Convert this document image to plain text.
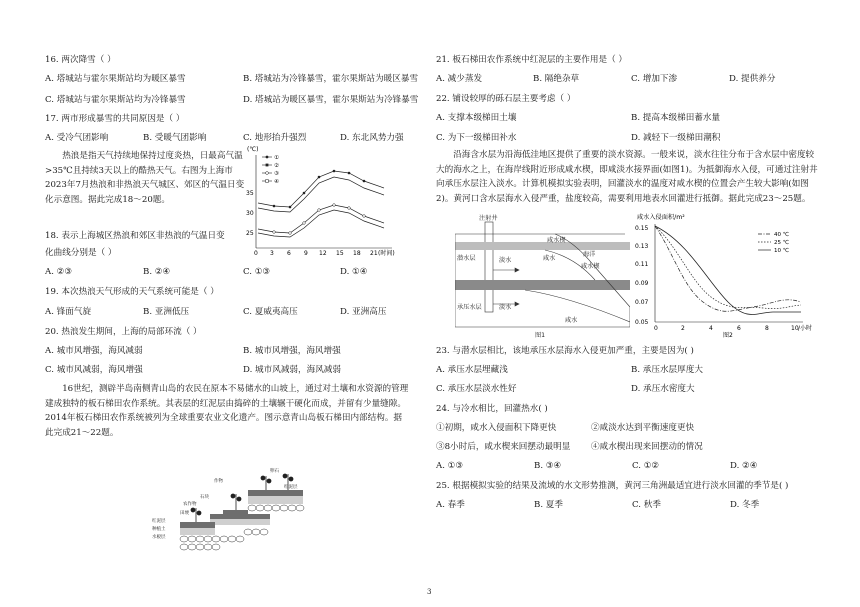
16. 两次降雪（ ）
A. 塔城站与霍尔果斯站均为暖区暴雪	B. 塔城站为冷锋暴雪，霍尔果斯站为暖区暴雪
C. 塔城站与霍尔果斯站均为冷锋暴雪	D. 塔城站为暖区暴雪，霍尔果斯站为冷锋暴雪
17. 两市形成暴雪的共同原因是（ ）
A. 受冷气团影响	B. 受暖气团影响	C. 地形抬升强烈	D. 东北风势力强
热浪是指天气持续地保持过度炎热，日最高气温>35℃且持续3天以上的酷热天气。右图为上海市2023年7月热浪和非热浪天气城区、郊区的气温日变化示意图。据此完成18～20题。
(℃)
35
30
25
0 3 6 9 12 15 18 21 (时间)
①
②
③
④
18. 表示上海城区热浪和郊区非热浪的气温日变
化曲线分别是（ ）
A. ②③	B. ②④	C. ①③	D. ①④
19. 本次热浪天气形成的天气系统可能是（ ）
A. 锋面气旋	B. 亚洲低压	C. 夏威夷高压	D. 亚洲高压
20. 热浪发生期间，上海的局部环流（ ）
A. 城市风增强，海风减弱	B. 城市风增强，海风增强
C. 城市风减弱，海风增强	D. 城市风减弱，海风减弱
16世纪，测辟半岛南侧青山岛的农民在原本不易储水的山坡上，通过对土壤和水资源的管理建成独特的板石梯田农作系统。其表层的红泥层由捣碎的土壤辗干硬化而成，并留有少量缝隙。2014年板石梯田农作系统被列为全球重要农业文化遗产。图示意青山岛板石梯田内部结构。据此完成21～22题。
卵石
红泥层
作物
农作物
石块
田埂
红泥层
种植土
水板层
21. 板石梯田农作系统中红泥层的主要作用是（ ）
A. 减少蒸发	B. 隔绝杂草	C. 增加下渗	D. 提供养分
22. 铺设较厚的砾石层主要考虑（ ）
A. 支撑本级梯田土壤	B. 提高本级梯田蓄水量
C. 为下一级梯田补水	D. 减轻下一级梯田潮积
沿海含水层为沿海低洼地区提供了重要的淡水资源。一般来说，淡水往往分布于含水层中密度较大的海水之上，在海岸线附近形成咸水楔，即咸淡水接界面(如图1)。为抵御海水入侵，可通过注射井向承压水层注入淡水。计算机模拟实验表明，回灌淡水的温度对咸水楔的位置会产生较大影响(如图2)。黄河口含水层海水入侵严重，盐度较高，需要利用地表水回灌进行抵御。据此完成23～25题。
注射井
潜水层	淡水
咸水楔
咸水
海洋
咸水楔
承压水层	淡水
咸水
图1
咸水入侵面积/m²
0.15
0.13
0.11
0.09
0.07
0.05
0	2	4	6	8	10 /小时
图2
40 ℃
25 ℃
10 ℃
23. 与潜水层相比，该地承压水层海水入侵更加严重，主要是因为( )
A. 承压水层埋藏浅	B. 承压水层厚度大
C. 承压水层淡水性好	D. 承压水密度大
24. 与冷水相比，回灌热水( )
①初期，咸水入侵面积下降更快	②咸淡水达到平衡速度更快
③8小时后，咸水楔来回摆动最明显 ④咸水楔出现来回摆动的情况
A. ①③	B. ③④	C. ①②	D. ②④
25. 根据模拟实验的结果及流域的水文形势推测，黄河三角洲最适宜进行淡水回灌的季节是( )
A. 春季	B. 夏季	C. 秋季	D. 冬季
3
